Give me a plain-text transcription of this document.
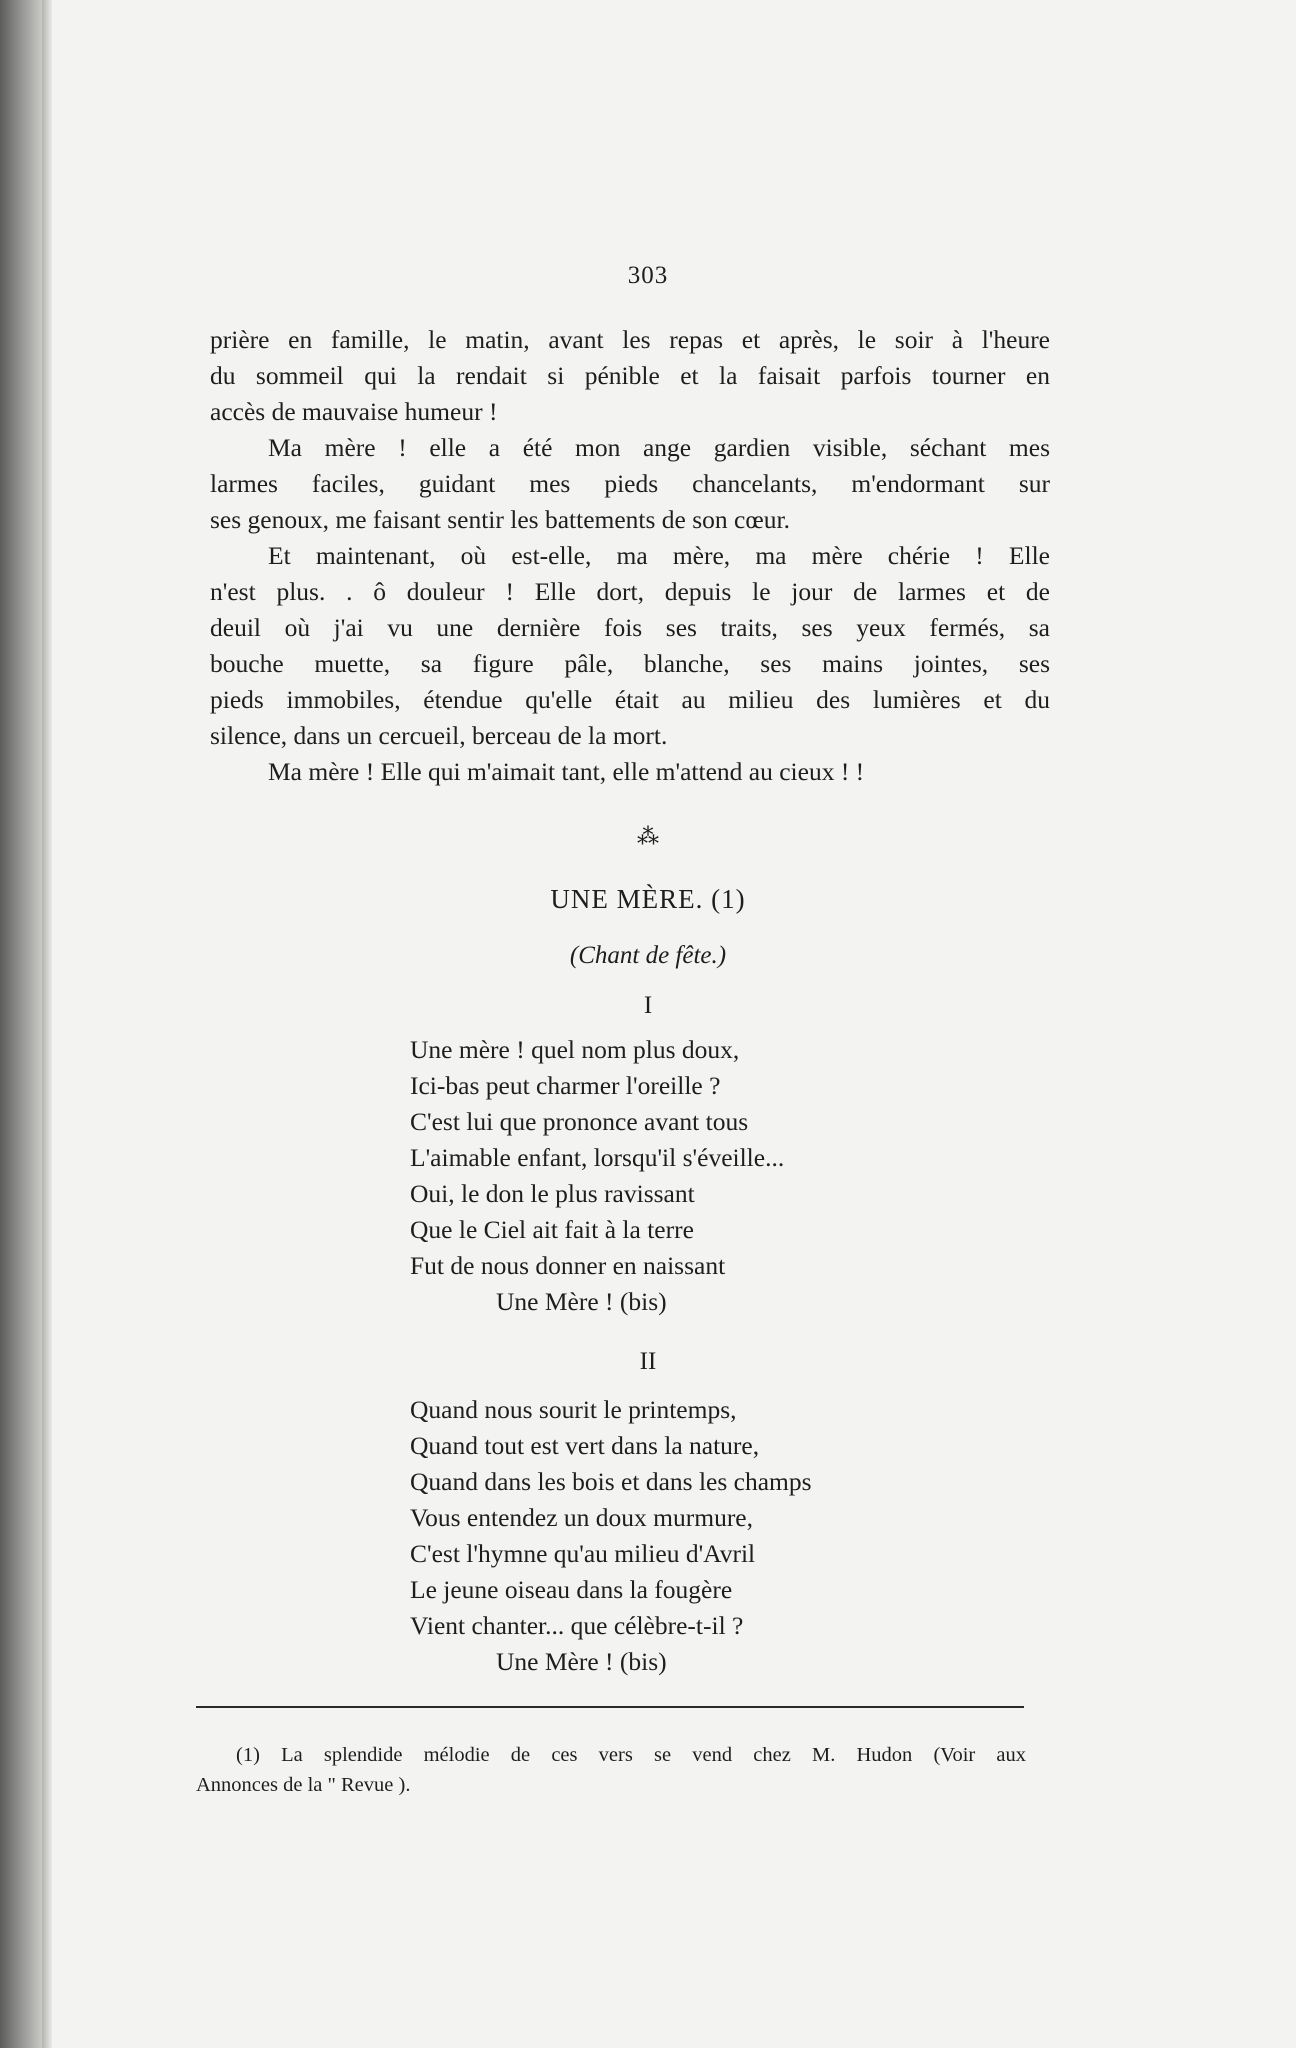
303

prière en famille, le matin, avant les repas et après, le soir à l'heure
du sommeil qui la rendait si pénible et la faisait parfois tourner en
accès de mauvaise humeur !

Ma mère ! elle a été mon ange gardien visible, séchant mes
larmes faciles, guidant mes pieds chancelants, m'endormant sur
ses genoux, me faisant sentir les battements de son cœur.

Et maintenant, où est-elle, ma mère, ma mère chérie ! Elle
n'est plus. . ô douleur ! Elle dort, depuis le jour de larmes et de
deuil où j'ai vu une dernière fois ses traits, ses yeux fermés, sa
bouche muette, sa figure pâle, blanche, ses mains jointes, ses
pieds immobiles, étendue qu'elle était au milieu des lumières et du
silence, dans un cercueil, berceau de la mort.

Ma mère ! Elle qui m'aimait tant, elle m'attend au cieux ! !

⁂
UNE MÈRE. (1)
(Chant de fête.)
I
Une mère ! quel nom plus doux,
Ici-bas peut charmer l'oreille ?
C'est lui que prononce avant tous
L'aimable enfant, lorsqu'il s'éveille...
Oui, le don le plus ravissant
Que le Ciel ait fait à la terre
Fut de nous donner en naissant
Une Mère ! (bis)
II
Quand nous sourit le printemps,
Quand tout est vert dans la nature,
Quand dans les bois et dans les champs
Vous entendez un doux murmure,
C'est l'hymne qu'au milieu d'Avril
Le jeune oiseau dans la fougère
Vient chanter... que célèbre-t-il ?
Une Mère ! (bis)
(1) La splendide mélodie de ces vers se vend chez M. Hudon (Voir aux
Annonces de la " Revue ).
